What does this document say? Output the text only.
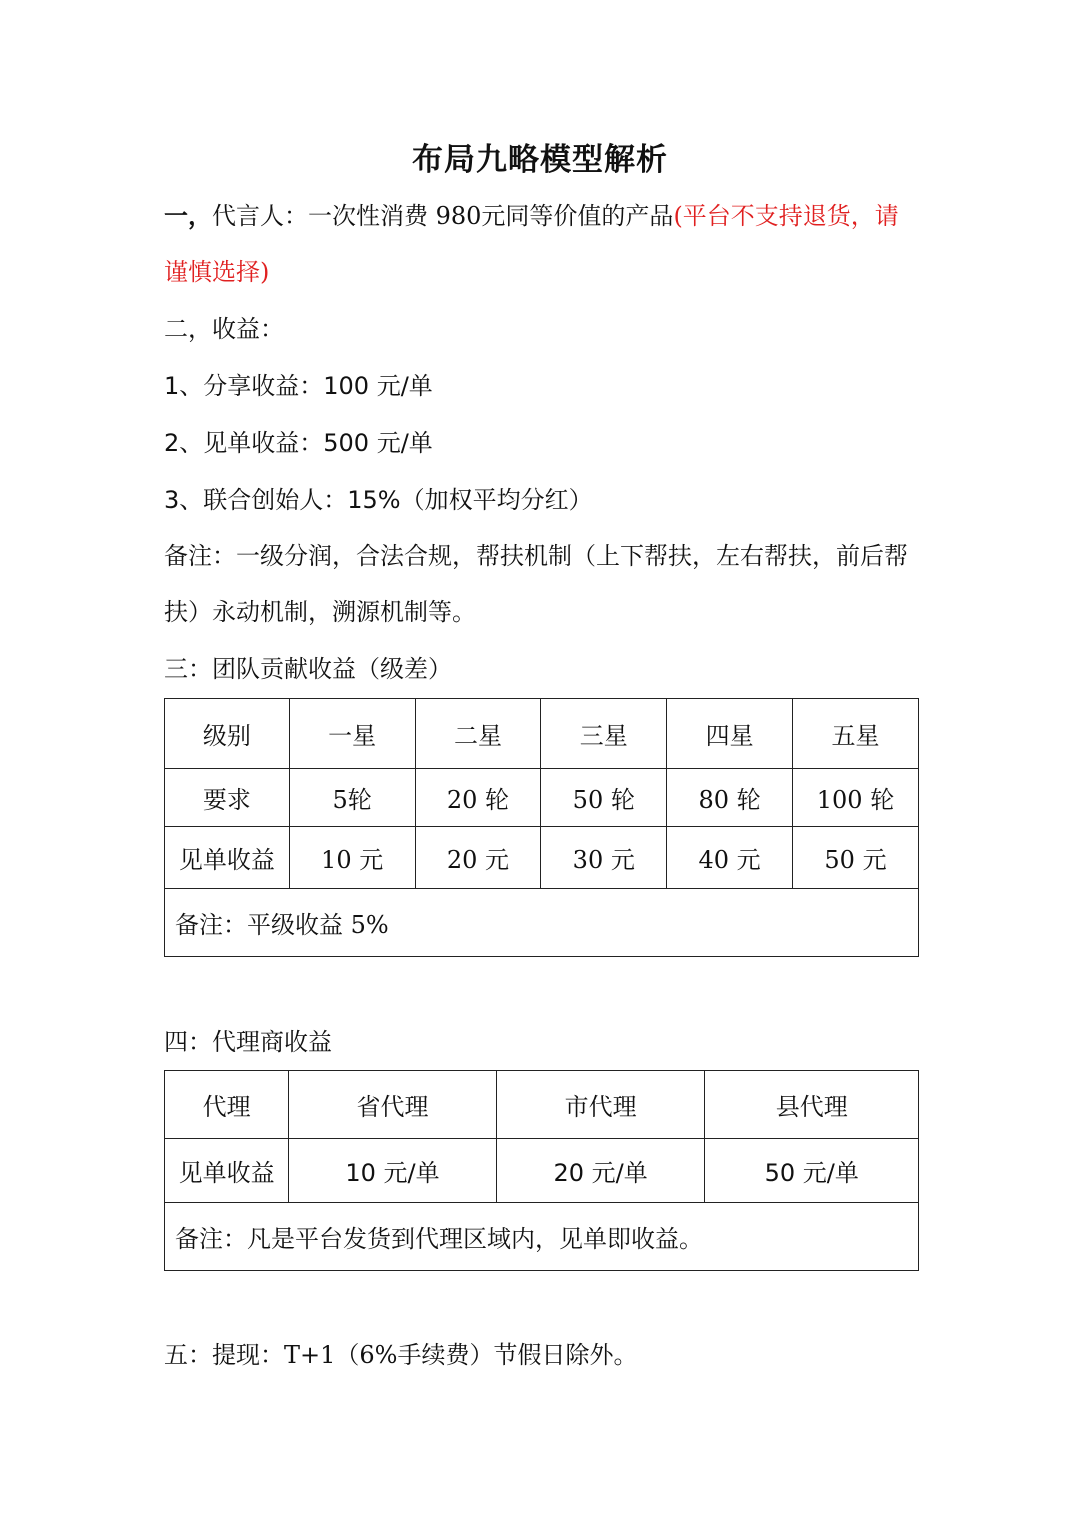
布局九略模型解析
一，代言人：一次性消费 980元同等价值的产品(平台不支持退货，请
谨慎选择)
二，收益：
1、分享收益：100 元/单
2、见单收益：500 元/单
3、联合创始人：15%（加权平均分红）
备注：一级分润，合法合规，帮扶机制（上下帮扶，左右帮扶，前后帮
扶）永动机制，溯源机制等。
三：团队贡献收益（级差）
级别	一星	二星	三星	四星	五星
要求	5轮	20 轮	50 轮	80 轮	100 轮
见单收益	10 元	20 元	30 元	40 元	50 元
备注：平级收益 5%					
四：代理商收益
代理	省代理	市代理	县代理
见单收益	10 元/单	20 元/单	50 元/单
备注：凡是平台发货到代理区域内，见单即收益。			
五：提现：T+1（6%手续费）节假日除外。
